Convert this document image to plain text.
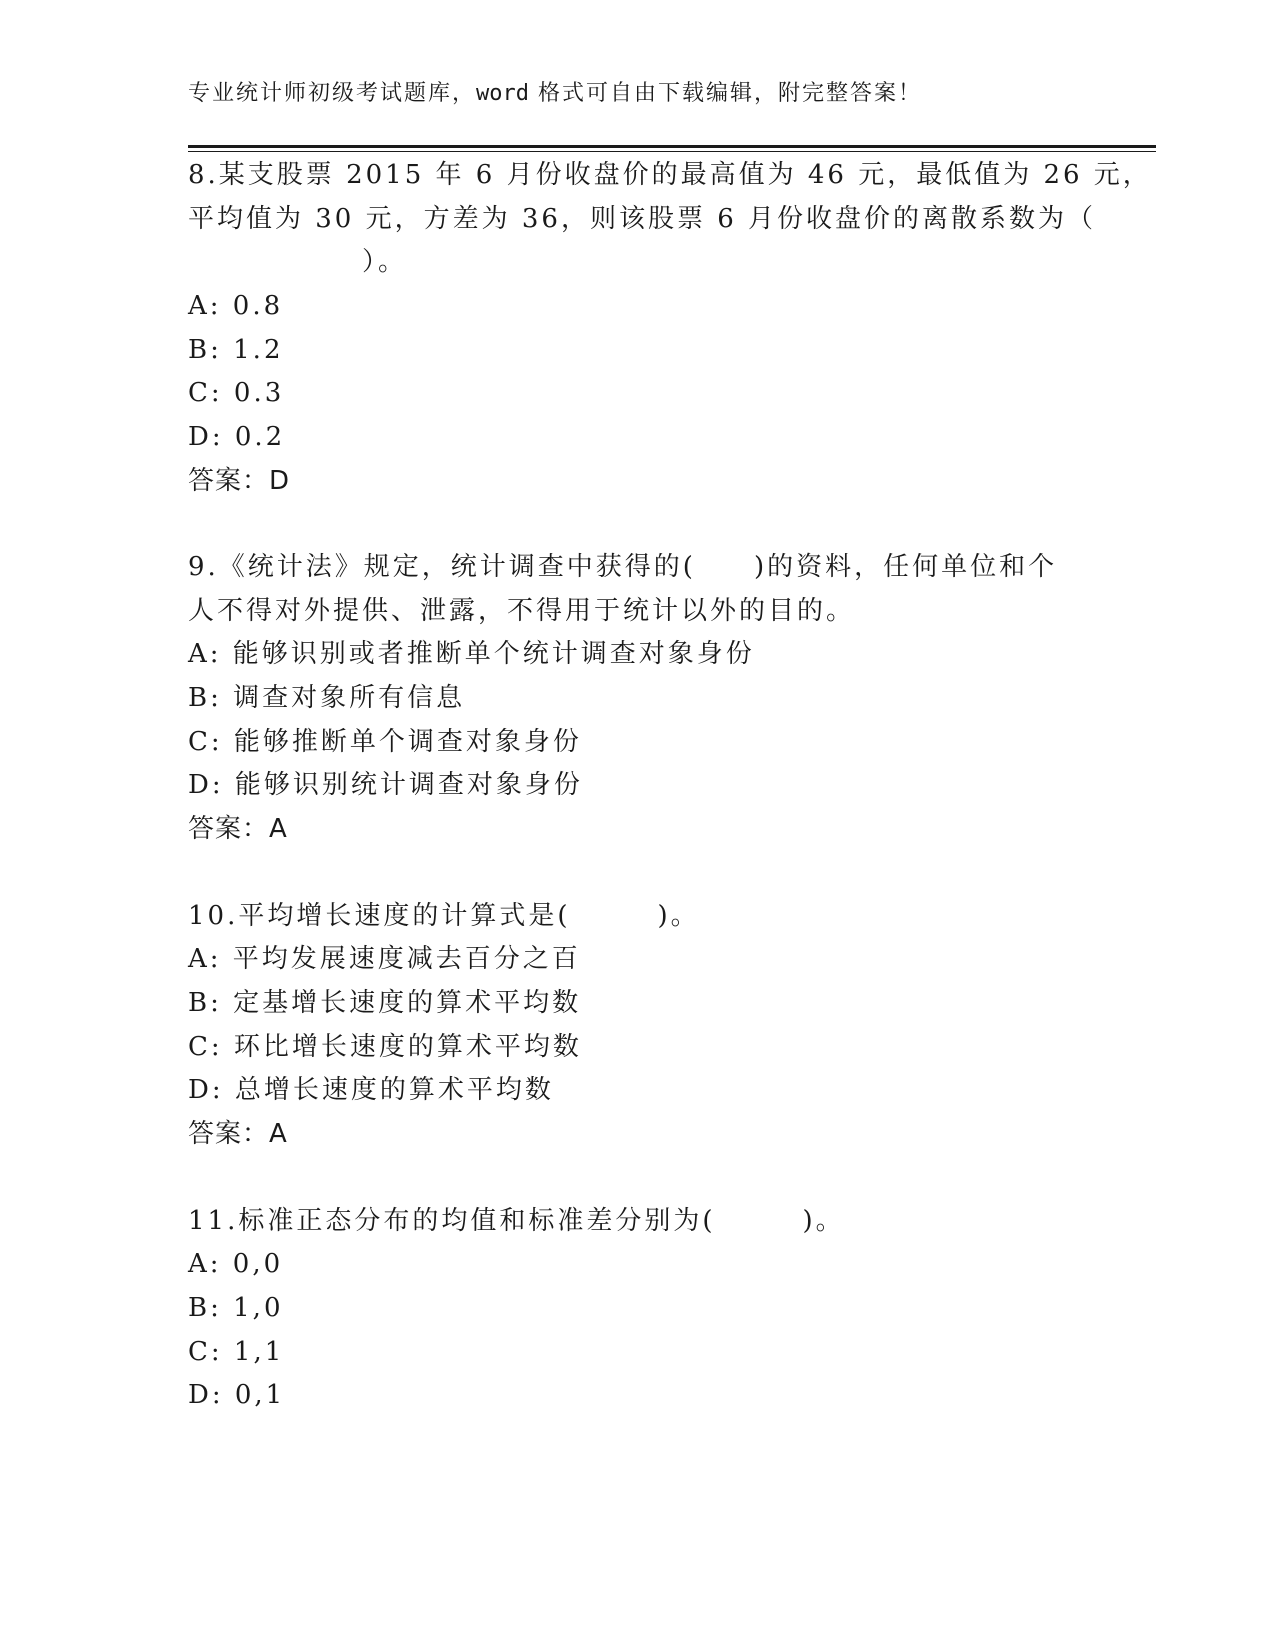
专业统计师初级考试题库，word 格式可自由下载编辑，附完整答案！
8.某支股票 2015 年 6 月份收盘价的最高值为 46 元，最低值为 26 元，
平均值为 30 元，方差为 36，则该股票 6 月份收盘价的离散系数为（
　　　　　　）。
A: 0.8
B: 1.2
C: 0.3
D: 0.2
答案：D
9.《统计法》规定，统计调查中获得的(　　)的资料，任何单位和个
人不得对外提供、泄露，不得用于统计以外的目的。
A: 能够识别或者推断单个统计调查对象身份
B: 调查对象所有信息
C: 能够推断单个调查对象身份
D: 能够识别统计调查对象身份
答案：A
10.平均增长速度的计算式是(　　　)。
A: 平均发展速度减去百分之百
B: 定基增长速度的算术平均数
C: 环比增长速度的算术平均数
D: 总增长速度的算术平均数
答案：A
11.标准正态分布的均值和标准差分别为(　　　)。
A: 0,0
B: 1,0
C: 1,1
D: 0,1
